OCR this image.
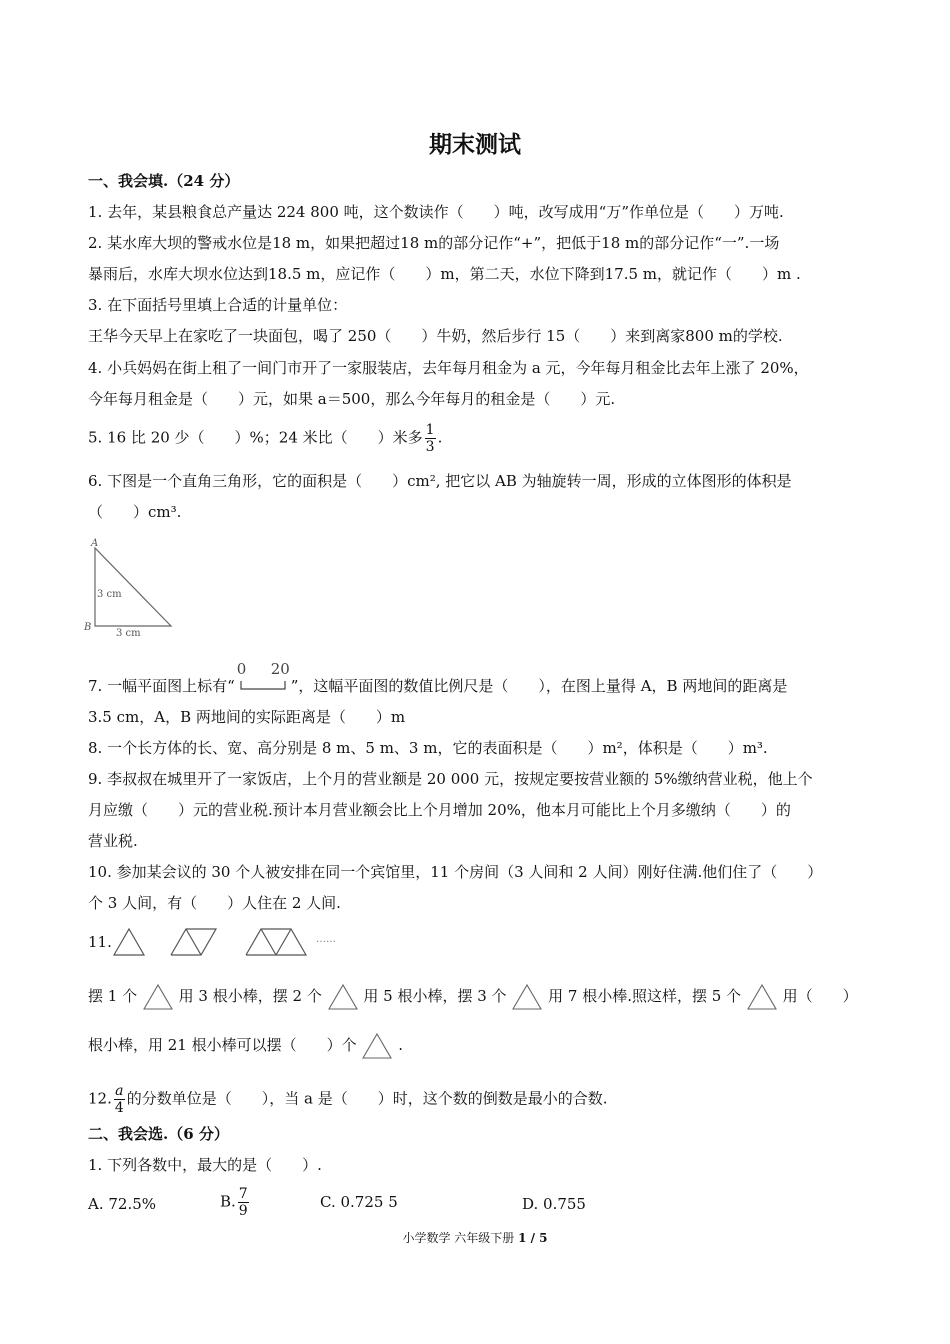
期末测试
一、我会填.（24 分）
1. 去年，某县粮食总产量达 224 800 吨，这个数读作（　　）吨，改写成用“万”作单位是（　　）万吨.
2. 某水库大坝的警戒水位是18 m，如果把超过18 m的部分记作“+”，把低于18 m的部分记作“一”.一场
暴雨后，水库大坝水位达到18.5 m，应记作（　　）m，第二天，水位下降到17.5 m，就记作（　　）m .
3. 在下面括号里填上合适的计量单位：
王华今天早上在家吃了一块面包，喝了 250（　　）牛奶，然后步行 15（　　）来到离家800 m的学校.
4. 小兵妈妈在街上租了一间门市开了一家服装店，去年每月租金为 a 元，今年每月租金比去年上涨了 20%，
今年每月租金是（　　）元，如果 a＝500，那么今年每月的租金是（　　）元.
5. 16 比 20 少（　　）%；24 米比（　　）米多 $\frac{1}{3}$ .
6. 下图是一个直角三角形，它的面积是（　　）cm², 把它以 AB 为轴旋转一周，形成的立体图形的体积是
（　　）cm³.
A
B
3 cm
3 cm
7. 一幅平面图上标有“
0 20
”，这幅平面图的数值比例尺是（　　），在图上量得 A，B 两地间的距离是
3.5 cm，A，B 两地间的实际距离是（　　）m
8. 一个长方体的长、宽、高分别是 8 m、5 m、3 m，它的表面积是（　　）m²，体积是（　　）m³.
9. 李叔叔在城里开了一家饭店，上个月的营业额是 20 000 元，按规定要按营业额的 5%缴纳营业税，他上个
月应缴（　　）元的营业税.预计本月营业额会比上个月增加 20%，他本月可能比上个月多缴纳（　　）的
营业税.
10. 参加某会议的 30 个人被安排在同一个宾馆里，11 个房间（3 人间和 2 人间）刚好住满.他们住了（　　）
个 3 人间，有（　　）人住在 2 人间.
11.	……
摆 1 个	用 3 根小棒，摆 2 个	用 5 根小棒，摆 3 个	用 7 根小棒.照这样，摆 5 个	用（　　）
根小棒，用 21 根小棒可以摆（　　）个	.
12. $\frac{a}{4}$ 的分数单位是（　　），当 a 是（　　）时，这个数的倒数是最小的合数.
二、我会选.（6 分）
1. 下列各数中，最大的是（　　）.
A. 72.5%	B. $\frac{7}{9}$	C. 0.725 5	D. 0.755
小学数学 六年级下册 1 / 5
